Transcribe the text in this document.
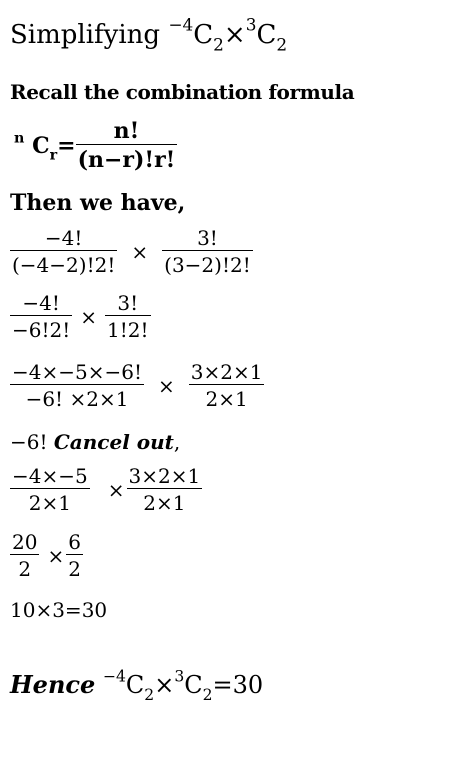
Simplifying $^{-4}C_2\times^3C_2$
Recall the combination formula
$^n$ $C_r= \frac{n!}{(n-r)!r!}$
Then we have,
$\frac{-4!}{(-4-2)!2!} \times \frac{3!}{(3-2)!2!}$
$\frac{-4!}{-6!2!} \times \frac{3!}{1!2!}$
$\frac{-4\times-5\times-6!}{-6! \times 2\times 1} \times \frac{3\times 2\times 1}{2\times 1}$
−6! Cancel out,
$\frac{-4\times-5}{2\times 1} \times \frac{3\times 2\times 1}{2\times 1}$
$\frac{20}{2} \times \frac{6}{2}$
10×3=30
Hence $^{-4}C_2\times^3C_2=30$
